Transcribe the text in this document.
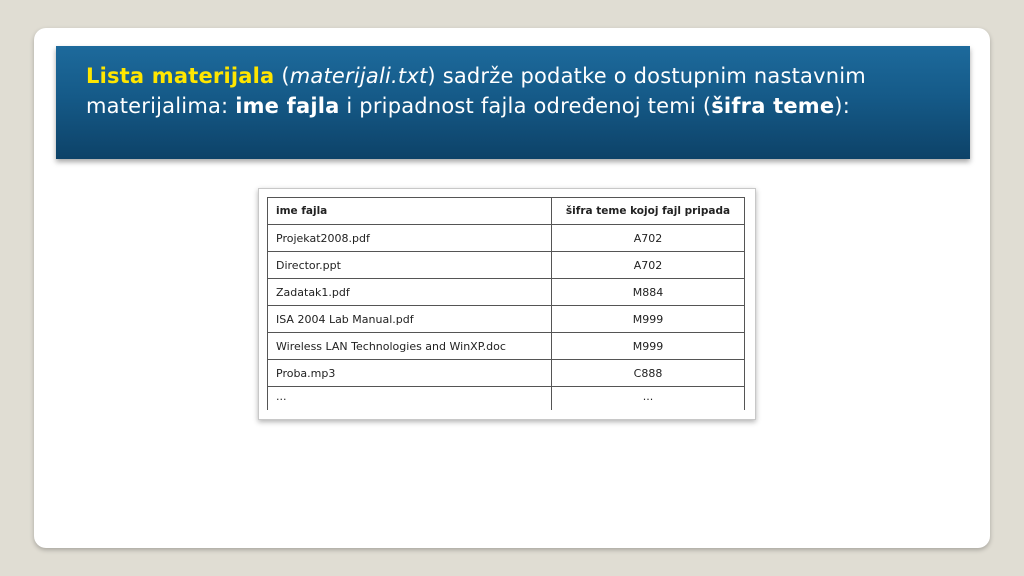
Lista materijala (materijali.txt) sadrže podatke o dostupnim nastavnim materijalima: ime fajla i pripadnost fajla određenoj temi (šifra teme):
ime fajla	šifra teme kojoj fajl pripada
Projekat2008.pdf	A702
Director.ppt	A702
Zadatak1.pdf	M884
ISA 2004 Lab Manual.pdf	M999
Wireless LAN Technologies and WinXP.doc	M999
Proba.mp3	C888
...	...
